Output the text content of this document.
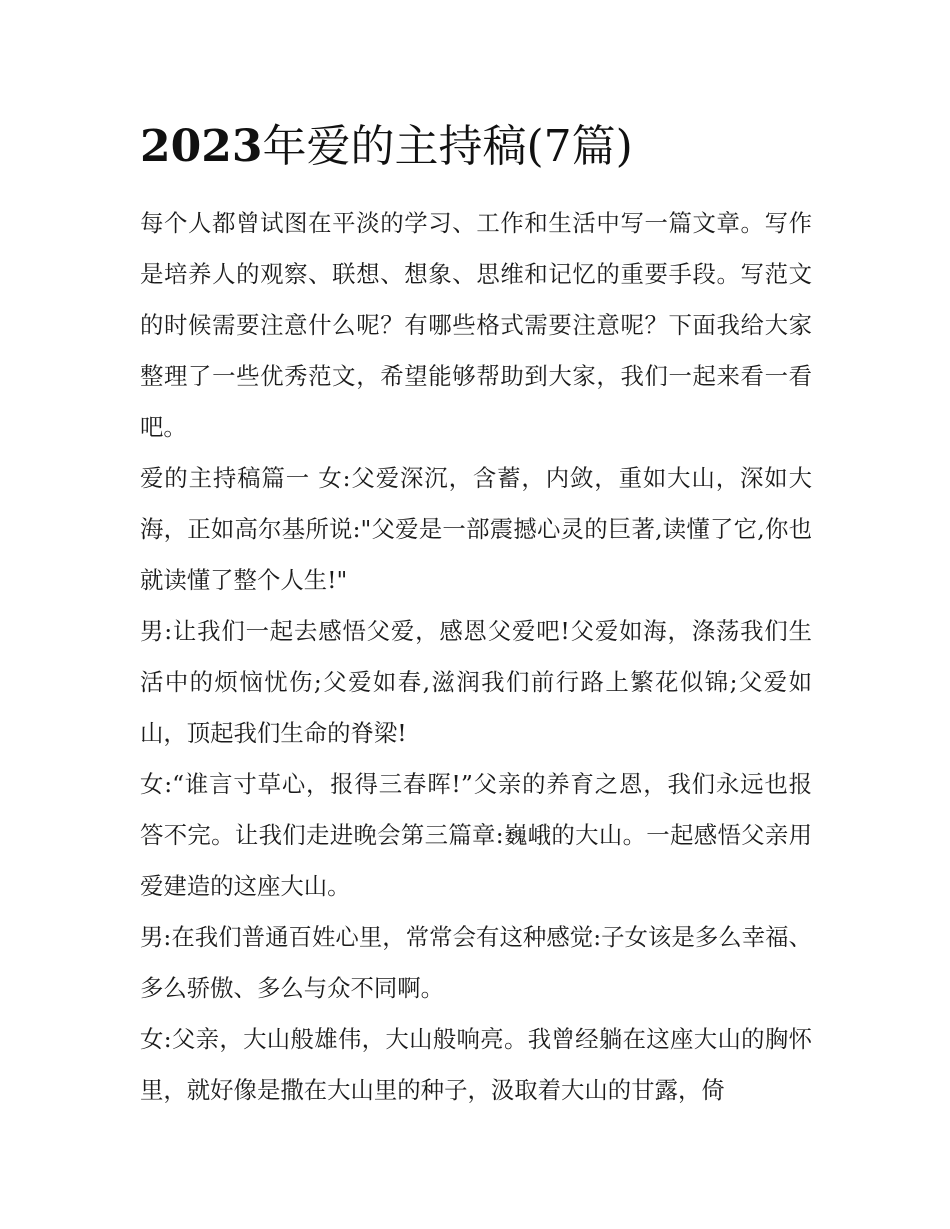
2023年爱的主持稿(7篇)

每个人都曾试图在平淡的学习、工作和生活中写一篇文章。写作是培养人的观察、联想、想象、思维和记忆的重要手段。写范文的时候需要注意什么呢？有哪些格式需要注意呢？下面我给大家整理了一些优秀范文，希望能够帮助到大家，我们一起来看一看吧。

爱的主持稿篇一 女:父爱深沉，含蓄，内敛，重如大山，深如大海，正如高尔基所说:"父爱是一部震撼心灵的巨著,读懂了它,你也就读懂了整个人生!"

男:让我们一起去感悟父爱，感恩父爱吧!父爱如海，涤荡我们生活中的烦恼忧伤;父爱如春,滋润我们前行路上繁花似锦;父爱如山，顶起我们生命的脊梁!

女:“谁言寸草心，报得三春晖!”父亲的养育之恩，我们永远也报答不完。让我们走进晚会第三篇章:巍峨的大山。一起感悟父亲用爱建造的这座大山。

男:在我们普通百姓心里，常常会有这种感觉:子女该是多么幸福、多么骄傲、多么与众不同啊。

女:父亲，大山般雄伟，大山般响亮。我曾经躺在这座大山的胸怀里，就好像是撒在大山里的种子，汲取着大山的甘露，倚
